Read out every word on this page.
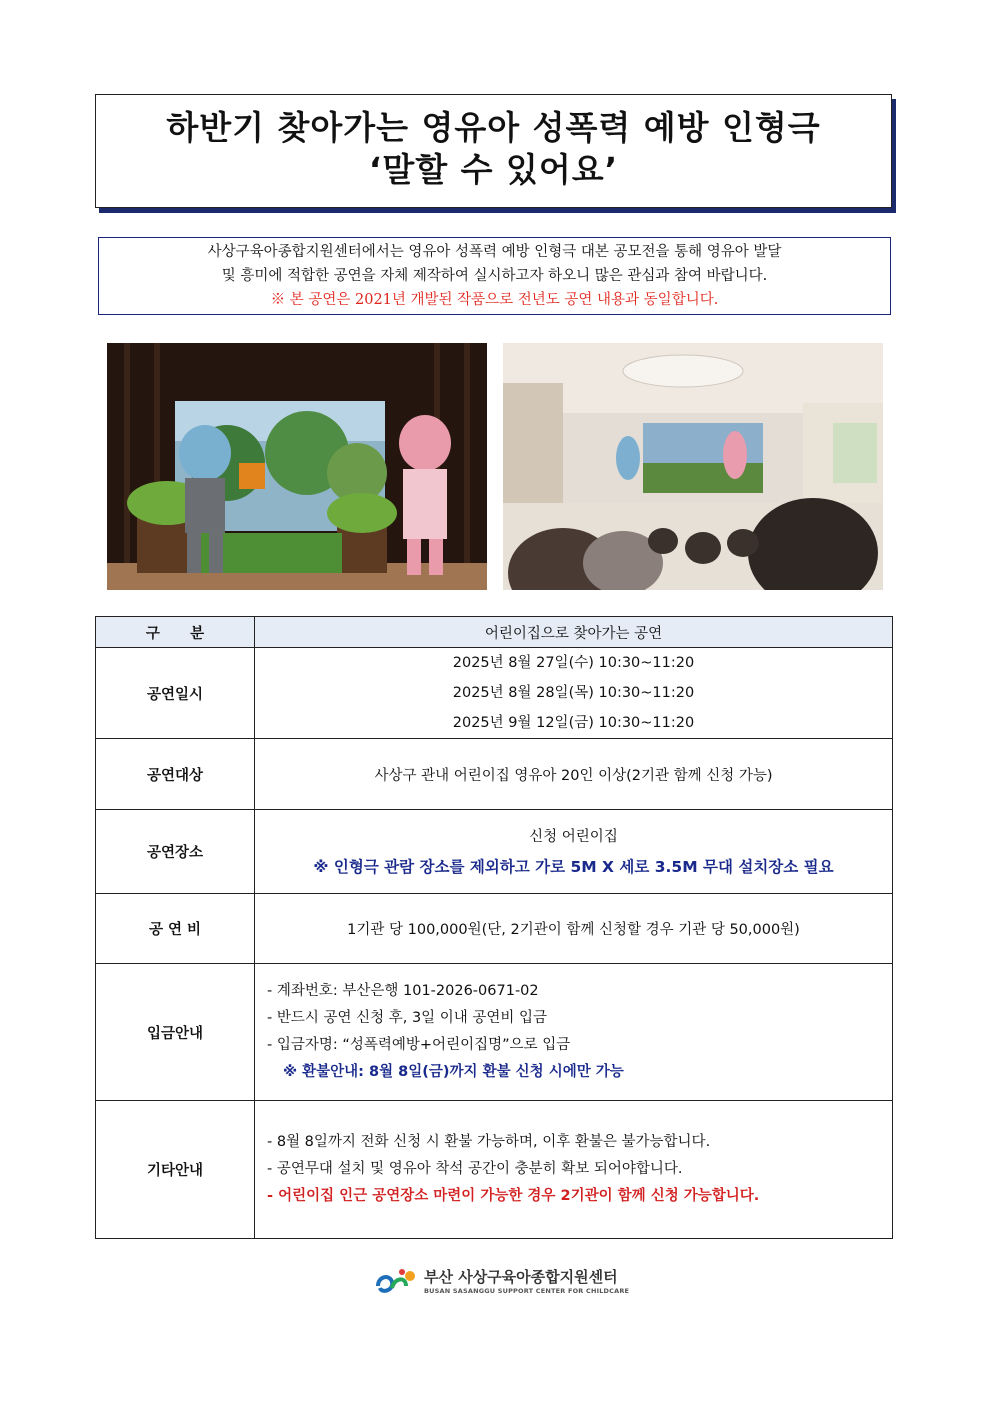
하반기 찾아가는 영유아 성폭력 예방 인형극
‘말할 수 있어요’
사상구육아종합지원센터에서는 영유아 성폭력 예방 인형극 대본 공모전을 통해 영유아 발달
및 흥미에 적합한 공연을 자체 제작하여 실시하고자 하오니 많은 관심과 참여 바랍니다.
※ 본 공연은 2021년 개발된 작품으로 전년도 공연 내용과 동일합니다.
구      분	어린이집으로 찾아가는 공연
공연일시	2025년 8월 27일(수) 10:30~11:20
2025년 8월 28일(목) 10:30~11:20
2025년 9월 12일(금) 10:30~11:20

공연대상	사상구 관내 어린이집 영유아 20인 이상(2기관 함께 신청 가능)
공연장소	신청 어린이집
※ 인형극 관람 장소를 제외하고 가로 5M X 세로 3.5M 무대 설치장소 필요

공 연 비	1기관 당 100,000원(단, 2기관이 함께 신청할 경우 기관 당 50,000원)
입금안내	- 계좌번호: 부산은행 101-2026-0671-02
- 반드시 공연 신청 후, 3일 이내 공연비 입금
- 입금자명: “성폭력예방+어린이집명”으로 입금
※ 환불안내: 8월 8일(금)까지 환불 신청 시에만 가능

기타안내	- 8월 8일까지 전화 신청 시 환불 가능하며, 이후 환불은 불가능합니다.
- 공연무대 설치 및 영유아 착석 공간이 충분히 확보 되어야합니다.
- 어린이집 인근 공연장소 마련이 가능한 경우 2기관이 함께 신청 가능합니다.
부산 사상구육아종합지원센터
BUSAN SASANGGU SUPPORT CENTER FOR CHILDCARE
